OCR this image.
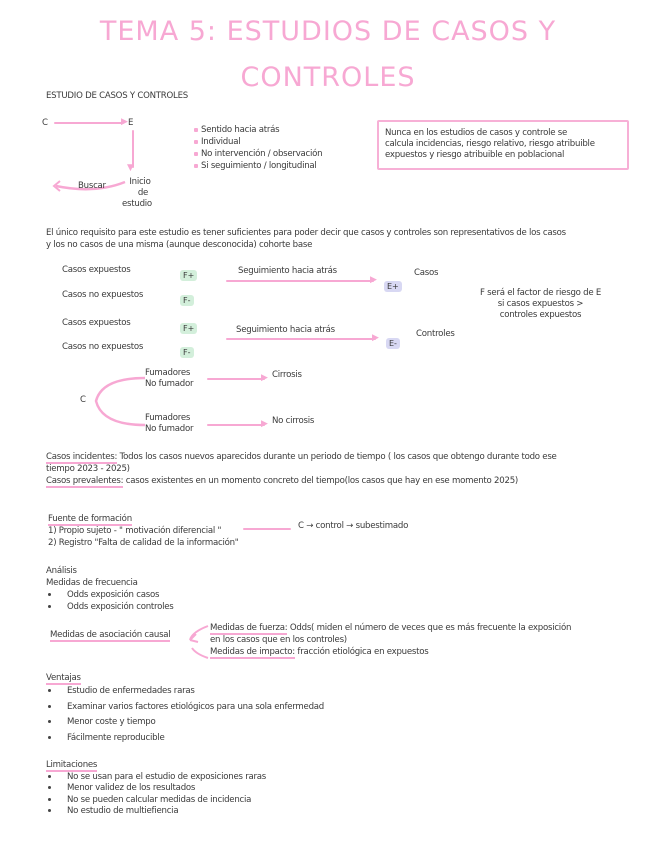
TEMA 5: ESTUDIOS DE CASOS Y
CONTROLES
ESTUDIO DE CASOS Y CONTROLES
C	▶ E
▼
Inicio
de
estudio
Buscar
Sentido hacia atrás
Individual
No intervención / observación
Si seguimiento / longitudinal
Nunca en los estudios de casos y controle se
calcula incidencias, riesgo relativo, riesgo atribuible
expuestos y riesgo atribuible en poblacional
El único requisito para este estudio es tener suficientes para poder decir que casos y controles son representativos de los casos
y los no casos de una misma (aunque desconocida) cohorte base
Casos expuestos
F+
Casos no expuestos
F-
Casos expuestos
F+
Casos no expuestos
F-
Seguimiento hacia atrás
▶
E+
Casos
Seguimiento hacia atrás
▶
E-
Controles
F será el factor de riesgo de E
si casos expuestos >
controles expuestos
C
Fumadores
No fumador
▶ Cirrosis
Fumadores
No fumador	▶ No cirrosis
Casos incidentes: Todos los casos nuevos aparecidos durante un periodo de tiempo ( los casos que obtengo durante todo ese
tiempo 2023 - 2025)
Casos prevalentes: casos existentes en un momento concreto del tiempo(los casos que hay en ese momento 2025)
Fuente de formación
1) Propio sujeto - " motivación diferencial "
2) Registro "Falta de calidad de la información"
C → control → subestimado
Análisis
Medidas de frecuencia
Odds exposición casos
Odds exposición controles
Medidas de asociación causal
Medidas de fuerza: Odds( miden el número de veces que es más frecuente la exposición
en los casos que en los controles)
Medidas de impacto: fracción etiológica en expuestos
Ventajas
Estudio de enfermedades raras
Examinar varios factores etiológicos para una sola enfermedad
Menor coste y tiempo
Fácilmente reproducible
Limitaciones
No se usan para el estudio de exposiciones raras
Menor validez de los resultados
No se pueden calcular medidas de incidencia
No estudio de multiefiencia
